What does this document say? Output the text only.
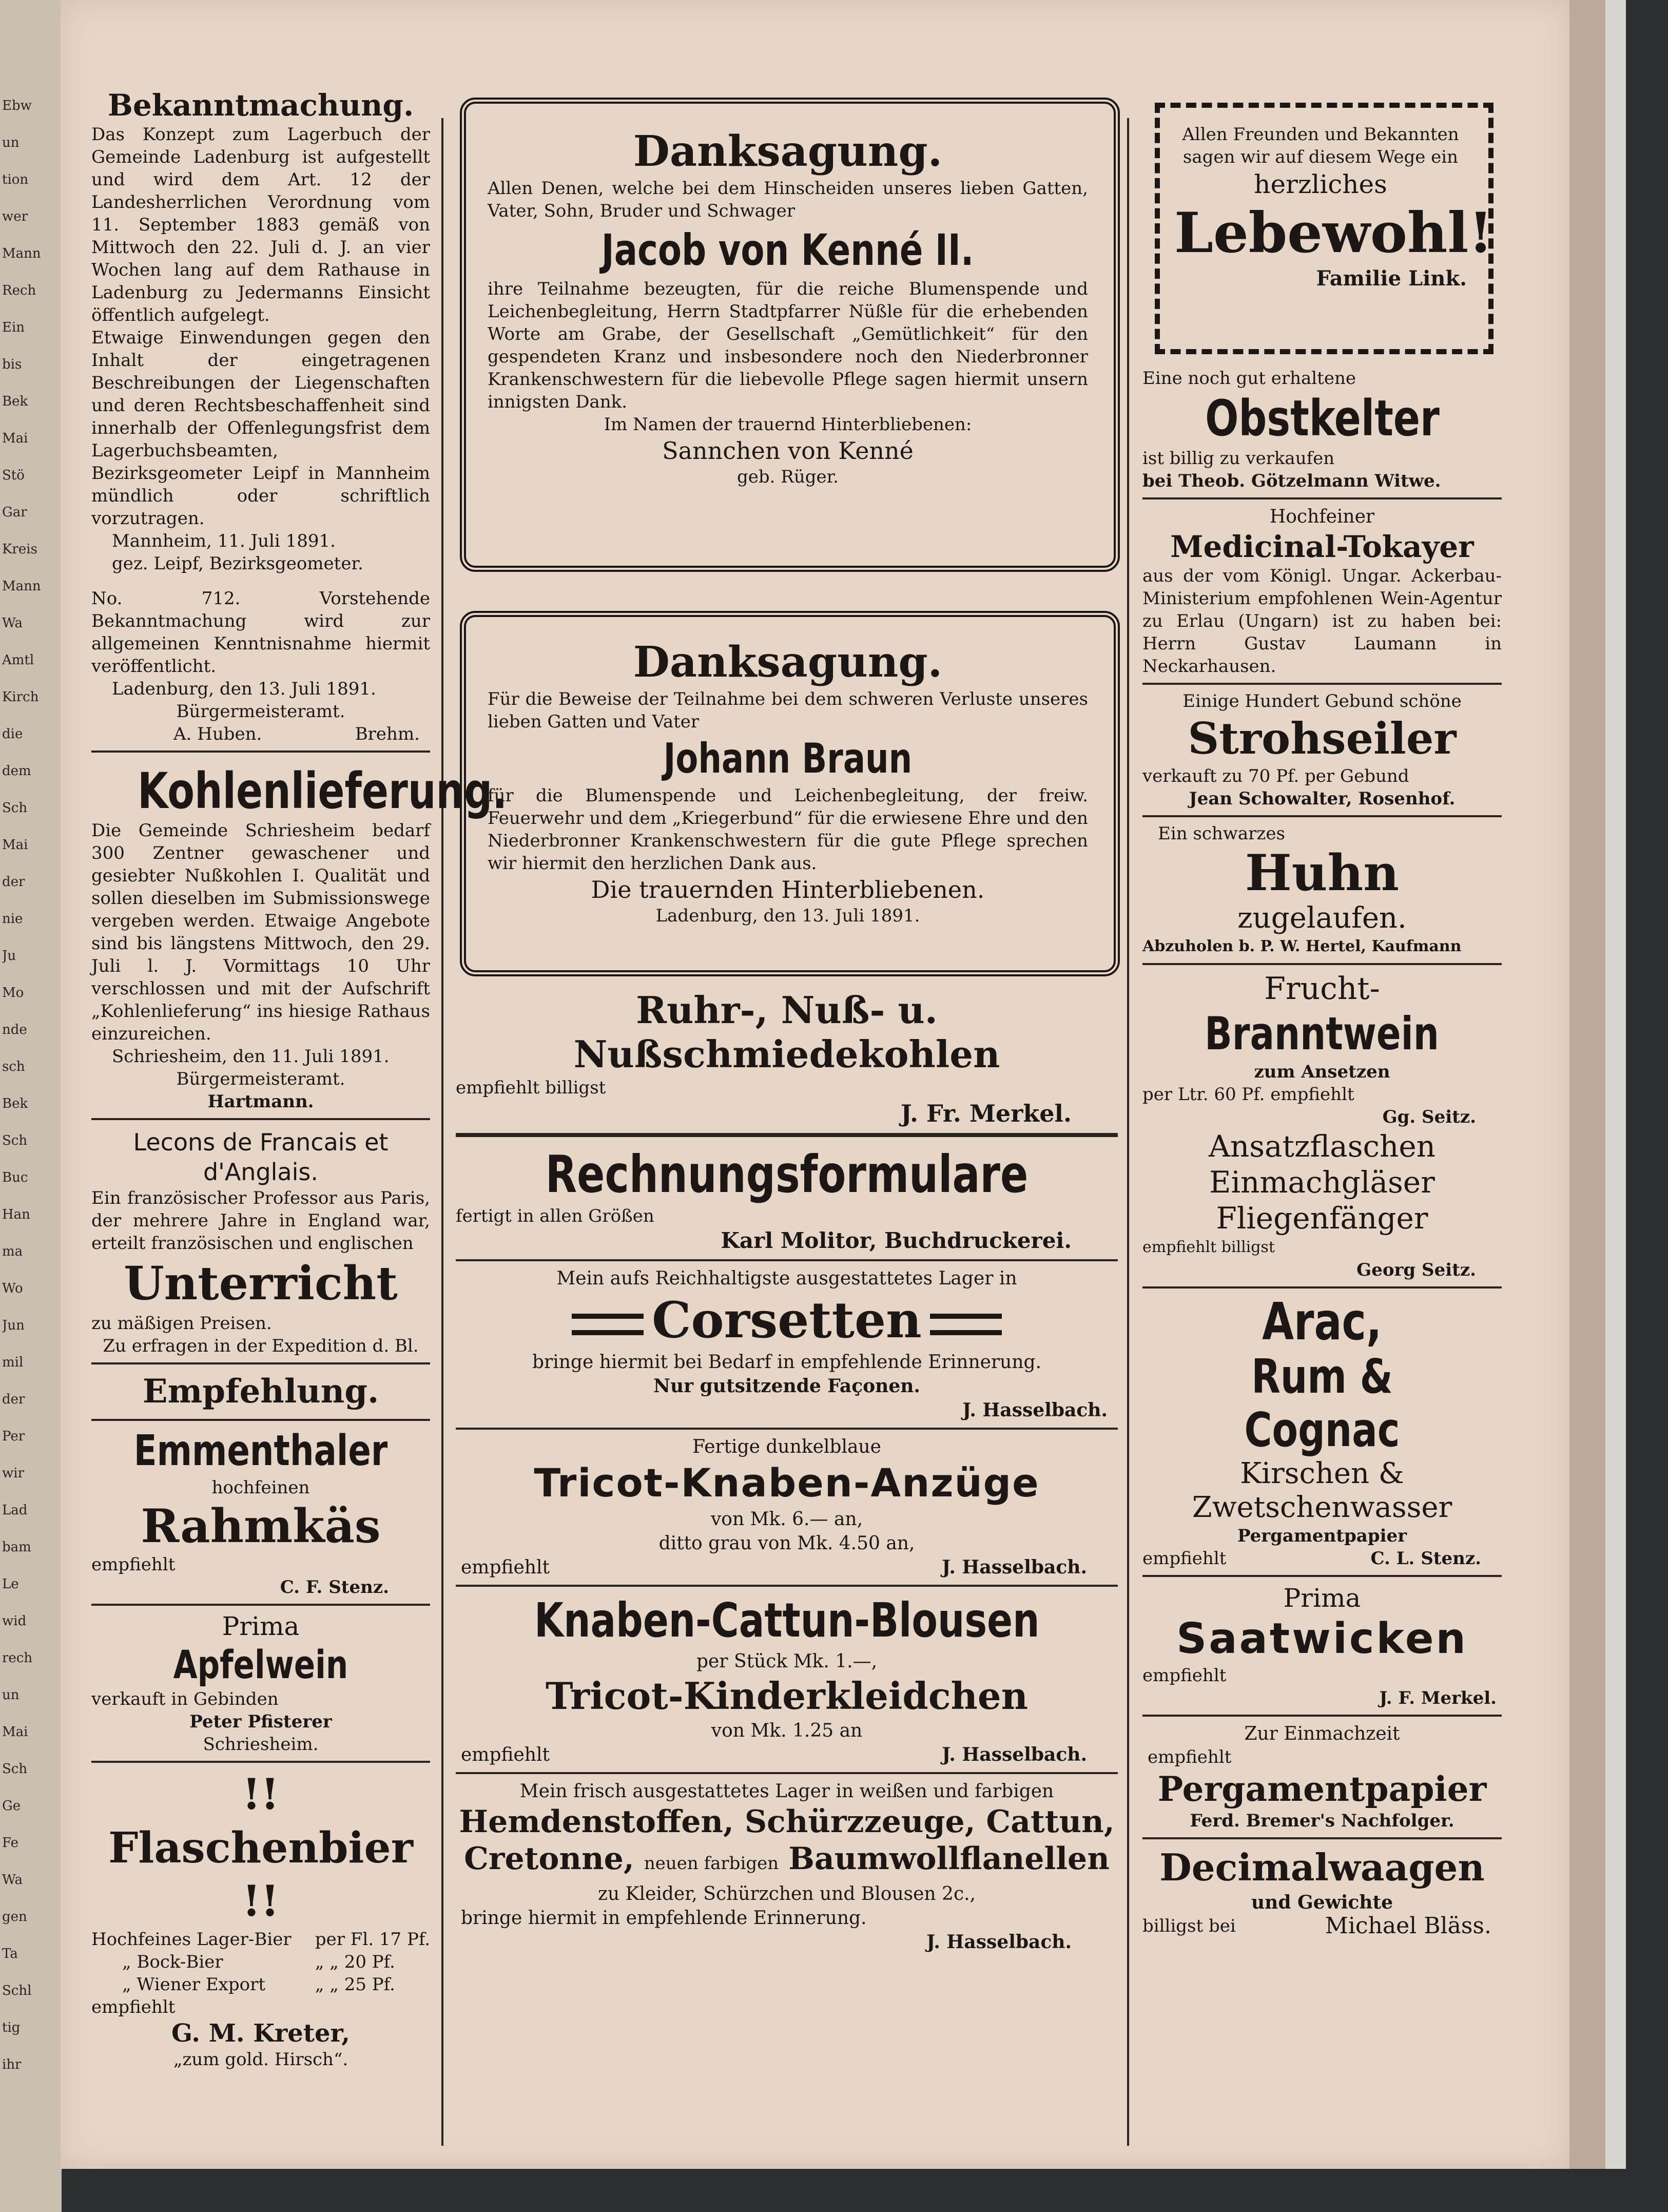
Ebw
un
tion
wer
Mann
Rech
Ein
bis
Bek
Mai
Stö
Gar
Kreis
Mann
Wa
Amtl
Kirch
die
dem
Sch
Mai
der
nie
Ju
Mo
nde
sch
Bek
Sch
Buc
Han
ma
Wo
Jun
mil
der
Per
wir
Lad
bam
Le
wid
rech
un
Mai
Sch
Ge
Fe
Wa
gen
Ta
Schl
tig
ihr

Bekanntmachung.

Das Konzept zum Lagerbuch der Gemeinde Ladenburg ist aufgestellt und wird dem Art. 12 der Landesherrlichen Verordnung vom 11. September 1883 gemäß von Mittwoch den 22. Juli d. J. an vier Wochen lang auf dem Rathause in Ladenburg zu Jedermanns Einsicht öffentlich aufgelegt.

Etwaige Einwendungen gegen den Inhalt der eingetragenen Beschreibungen der Liegenschaften und deren Rechtsbeschaffenheit sind innerhalb der Offenlegungsfrist dem Lagerbuchsbeamten, Bezirksgeometer Leipf in Mannheim mündlich oder schriftlich vorzutragen.

Mannheim, 11. Juli 1891.

gez. Leipf, Bezirksgeometer.

No. 712. Vorstehende Bekanntmachung wird zur allgemeinen Kenntnisnahme hiermit veröffentlicht.

Ladenburg, den 13. Juli 1891.

Bürgermeisteramt.

A. Huben.	Brehm.

Kohlenlieferung.

Die Gemeinde Schriesheim bedarf 300 Zentner gewaschener und gesiebter Nußkohlen I. Qualität und sollen dieselben im Submissionswege vergeben werden. Etwaige Angebote sind bis längstens Mittwoch, den 29. Juli l. J. Vormittags 10 Uhr verschlossen und mit der Aufschrift „Kohlenlieferung“ ins hiesige Rathaus einzureichen.

Schriesheim, den 11. Juli 1891.

Bürgermeisteramt.

Hartmann.

Lecons de Francais et d'Anglais.

Ein französischer Professor aus Paris, der mehrere Jahre in England war, erteilt französischen und englischen

Unterricht

zu mäßigen Preisen.

Zu erfragen in der Expedition d. Bl.

Empfehlung.

Emmenthaler

hochfeinen

Rahmkäs

empfiehlt

C. F. Stenz.

Prima

Apfelwein

verkauft in Gebinden

Peter Pfisterer

Schriesheim.

!! Flaschenbier !!

Hochfeines Lager-Bier	per Fl. 17 Pf.
„ Bock-Bier	„ „ 20 Pf.
„ Wiener Export	„ „ 25 Pf.

empfiehlt

G. M. Kreter,

„zum gold. Hirsch“.

Danksagung.

Allen Denen, welche bei dem Hinscheiden unseres lieben Gatten, Vater, Sohn, Bruder und Schwager

Jacob von Kenné II.

ihre Teilnahme bezeugten, für die reiche Blumenspende und Leichenbegleitung, Herrn Stadtpfarrer Nüßle für die erhebenden Worte am Grabe, der Gesellschaft „Gemütlichkeit“ für den gespendeten Kranz und insbesondere noch den Niederbronner Krankenschwestern für die liebevolle Pflege sagen hiermit unsern innigsten Dank.

Im Namen der trauernd Hinterbliebenen:

Sannchen von Kenné

geb. Rüger.

Danksagung.

Für die Beweise der Teilnahme bei dem schweren Verluste unseres lieben Gatten und Vater

Johann Braun

für die Blumenspende und Leichenbegleitung, der freiw. Feuerwehr und dem „Kriegerbund“ für die erwiesene Ehre und den Niederbronner Krankenschwestern für die gute Pflege sprechen wir hiermit den herzlichen Dank aus.

Die trauernden Hinterbliebenen.

Ladenburg, den 13. Juli 1891.

Ruhr-, Nuß- u. Nußschmiedekohlen

empfiehlt billigst

J. Fr. Merkel.

Rechnungsformulare

fertigt in allen Größen

Karl Molitor, Buchdruckerei.

Mein aufs Reichhaltigste ausgestattetes Lager in

Corsetten

bringe hiermit bei Bedarf in empfehlende Erinnerung.

Nur gutsitzende Façonen.

J. Hasselbach.

Fertige dunkelblaue

Tricot-Knaben-Anzüge

von Mk. 6.— an,

ditto grau von Mk. 4.50 an,

empfiehlt	J. Hasselbach.

Knaben-Cattun-Blousen

per Stück Mk. 1.—,

Tricot-Kinderkleidchen

von Mk. 1.25 an

empfiehlt	J. Hasselbach.

Mein frisch ausgestattetes Lager in weißen und farbigen

Hemdenstoffen, Schürzzeuge, Cattun,

Cretonne, neuen farbigen Baumwollflanellen

zu Kleider, Schürzchen und Blousen 2c.,

bringe hiermit in empfehlende Erinnerung.

J. Hasselbach.

Allen Freunden und Bekannten sagen wir auf diesem Wege ein

herzliches

Lebewohl!

Familie Link.

Eine noch gut erhaltene

Obstkelter

ist billig zu verkaufen

bei Theob. Götzelmann Witwe.

Hochfeiner

Medicinal-Tokayer

aus der vom Königl. Ungar. Ackerbau-Ministerium empfohlenen Wein-Agentur zu Erlau (Ungarn) ist zu haben bei: Herrn Gustav Laumann in Neckarhausen.

Einige Hundert Gebund schöne

Strohseiler

verkauft zu 70 Pf. per Gebund

Jean Schowalter, Rosenhof.

Ein schwarzes

Huhn

zugelaufen.

Abzuholen b. P. W. Hertel, Kaufmann

Frucht-

Branntwein

zum Ansetzen

per Ltr. 60 Pf. empfiehlt

Gg. Seitz.

Ansatzflaschen

Einmachgläser

Fliegenfänger

empfiehlt billigst

Georg Seitz.

Arac,

Rum & Cognac

Kirschen &

Zwetschenwasser

Pergamentpapier

empfiehlt	C. L. Stenz.

Prima

Saatwicken

empfiehlt

J. F. Merkel.

Zur Einmachzeit

empfiehlt

Pergamentpapier

Ferd. Bremer's Nachfolger.

Decimalwaagen

und Gewichte

billigst bei	Michael Bläss.
